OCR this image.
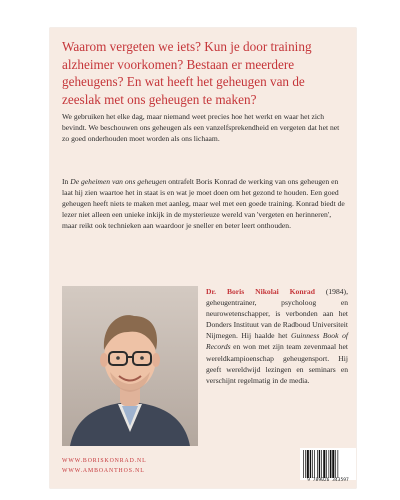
Waarom vergeten we iets? Kun je door training alzheimer voorkomen? Bestaan er meerdere geheugens? En wat heeft het geheugen van de zeeslak met ons geheugen te maken?

We gebruiken het elke dag, maar niemand weet precies hoe het werkt en waar het zich bevindt. We beschouwen ons geheugen als een vanzelfsprekendheid en vergeten dat het net zo goed onderhouden moet worden als ons lichaam.

In De geheimen van ons geheugen ontrafelt Boris Konrad de werking van ons geheugen en laat hij zien waartoe het in staat is en wat je moet doen om het gezond te houden. Een goed geheugen heeft niets te maken met aanleg, maar wel met een goede training. Konrad biedt de lezer niet alleen een unieke inkijk in de mysterieuze wereld van 'vergeten en herinneren', maar reikt ook technieken aan waardoor je sneller en beter leert onthouden.

Dr. Boris Nikolai Konrad (1984), geheugentrainer, psycholoog en neurowetenschapper, is verbonden aan het Donders Instituut van de Radboud Universiteit Nijmegen. Hij haalde het Guinness Book of Records en won met zijn team zevenmaal het wereldkampioenschap geheugensport. Hij geeft wereldwijd lezingen en seminars en verschijnt regelmatig in de media.

WWW.BORISKONRAD.NL
WWW.AMBOANTHOS.NL
9 789026 343597
